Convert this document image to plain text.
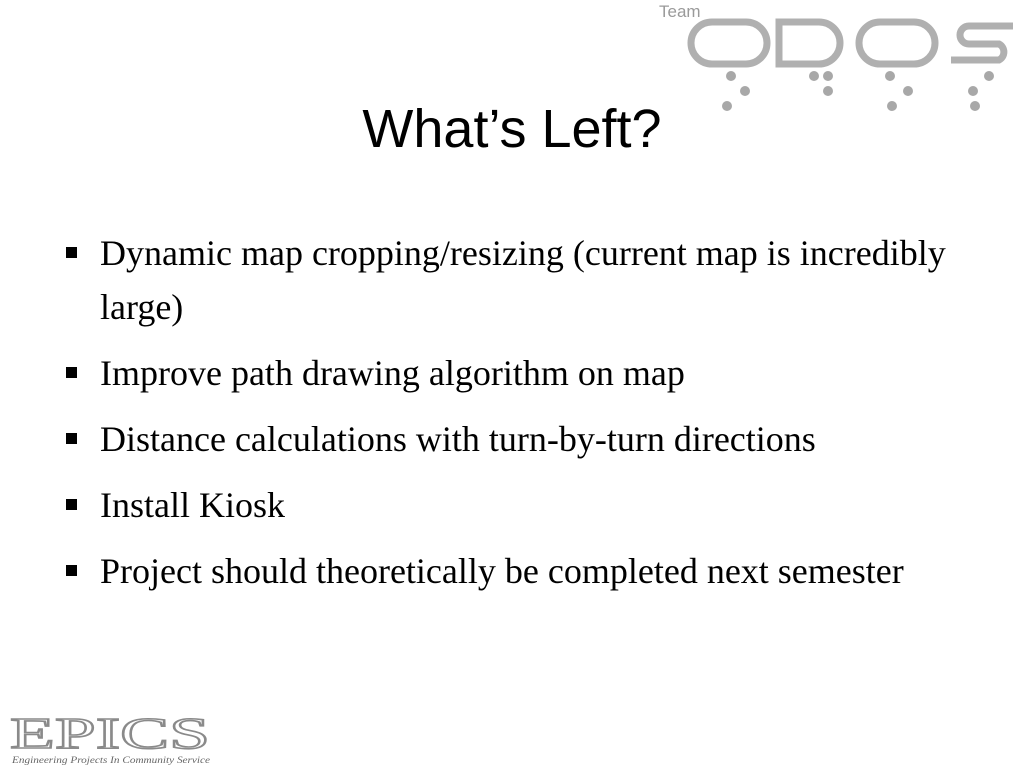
Team
What’s Left?
Dynamic map cropping/resizing (current map is incredibly large)
Improve path drawing algorithm on map
Distance calculations with turn-by-turn directions
Install Kiosk
Project should theoretically be completed next semester
EPICS
Engineering Projects In Community Service
